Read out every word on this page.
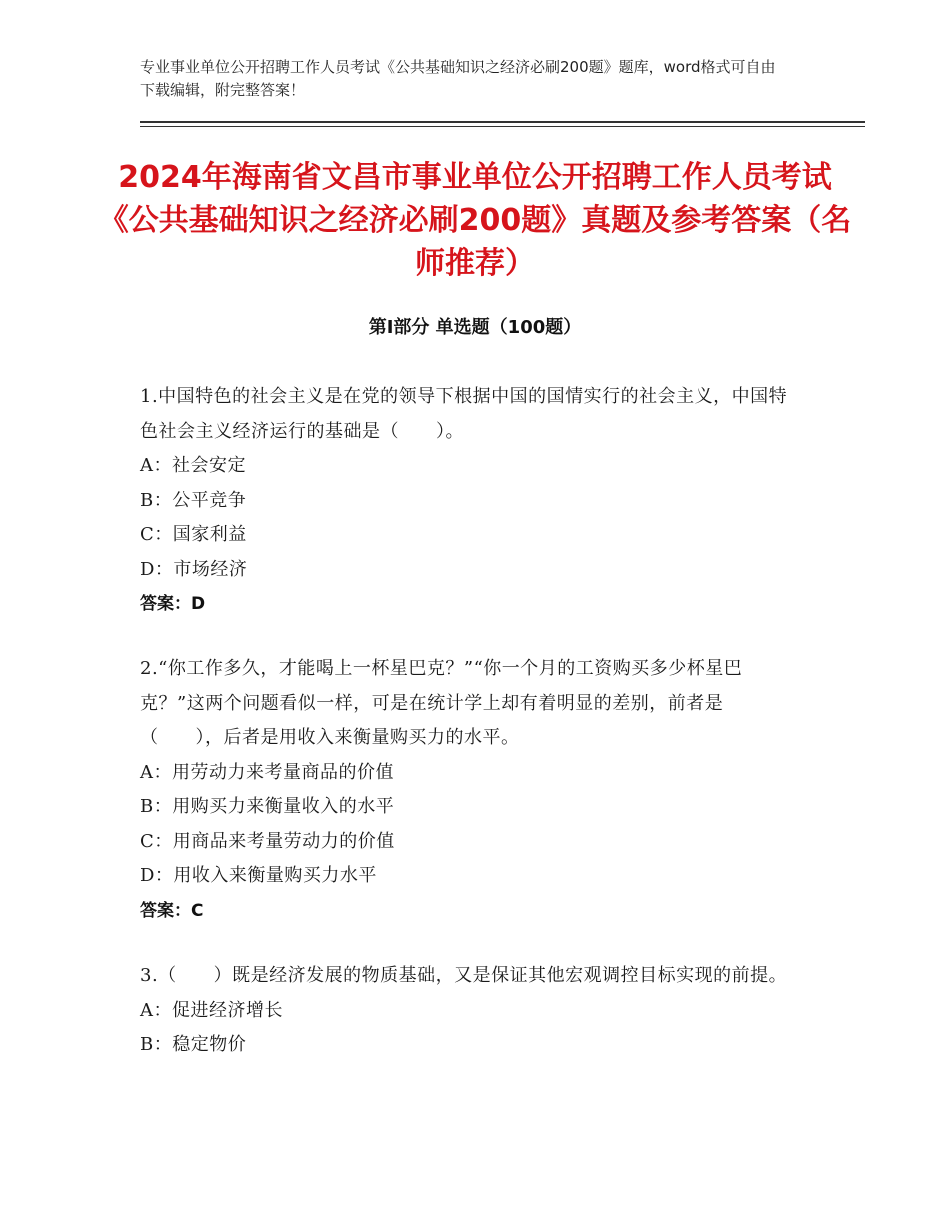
专业事业单位公开招聘工作人员考试《公共基础知识之经济必刷200题》题库，word格式可自由下载编辑，附完整答案！
2024年海南省文昌市事业单位公开招聘工作人员考试《公共基础知识之经济必刷200题》真题及参考答案（名师推荐）
第Ⅰ部分 单选题（100题）
1.中国特色的社会主义是在党的领导下根据中国的国情实行的社会主义，中国特色社会主义经济运行的基础是（　　）。
A：社会安定
B：公平竞争
C：国家利益
D：市场经济
答案：D
2.“你工作多久，才能喝上一杯星巴克？”“你一个月的工资购买多少杯星巴克？”这两个问题看似一样，可是在统计学上却有着明显的差别，前者是（　　），后者是用收入来衡量购买力的水平。
A：用劳动力来考量商品的价值
B：用购买力来衡量收入的水平
C：用商品来考量劳动力的价值
D：用收入来衡量购买力水平
答案：C
3.（　　）既是经济发展的物质基础，又是保证其他宏观调控目标实现的前提。
A：促进经济增长
B：稳定物价
